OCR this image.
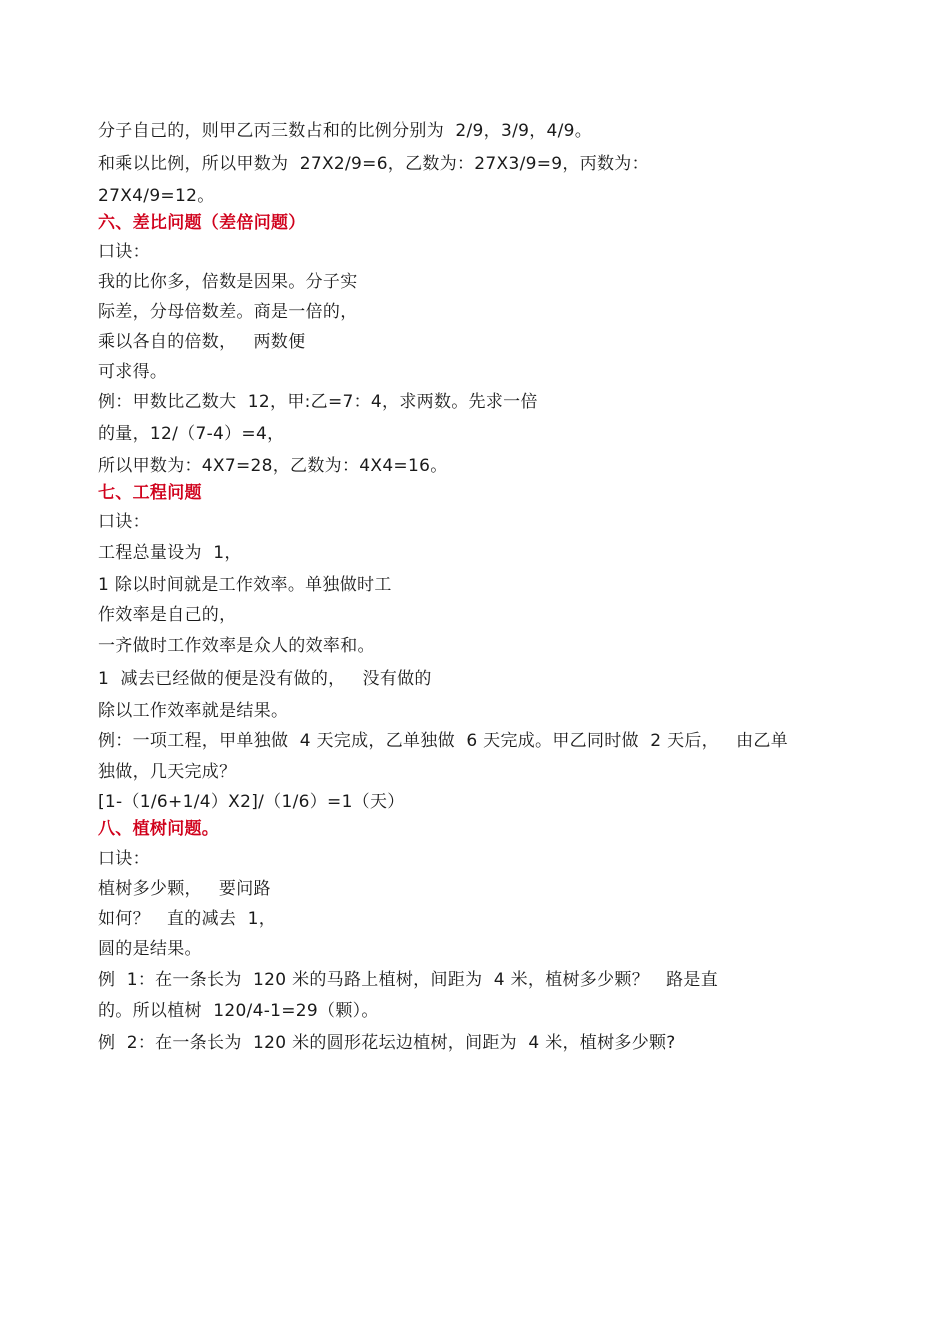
分子自己的，则甲乙丙三数占和的比例分别为  2/9，3/9，4/9。
和乘以比例，所以甲数为  27X2/9=6，乙数为：27X3/9=9，丙数为：
27X4/9=12。
六、差比问题（差倍问题）
口诀：
我的比你多，倍数是因果。分子实
际差，分母倍数差。商是一倍的，
乘以各自的倍数，   两数便
可求得。
例：甲数比乙数大  12，甲:乙=7：4，求两数。先求一倍
的量，12/（7-4）=4，
所以甲数为：4X7=28，乙数为：4X4=16。
七、工程问题
口诀：
工程总量设为  1，
1 除以时间就是工作效率。单独做时工
作效率是自己的，
一齐做时工作效率是众人的效率和。
1  减去已经做的便是没有做的，   没有做的
除以工作效率就是结果。
例：一项工程，甲单独做  4 天完成，乙单独做  6 天完成。甲乙同时做  2 天后，   由乙单
独做，几天完成？
[1-（1/6+1/4）X2]/（1/6）=1（天）
八、植树问题。
口诀：
植树多少颗，   要问路
如何？   直的减去  1，
圆的是结果。
例  1：在一条长为  120 米的马路上植树，间距为  4 米，植树多少颗？   路是直
的。所以植树  120/4-1=29（颗）。
例  2：在一条长为  120 米的圆形花坛边植树，间距为  4 米，植树多少颗?
